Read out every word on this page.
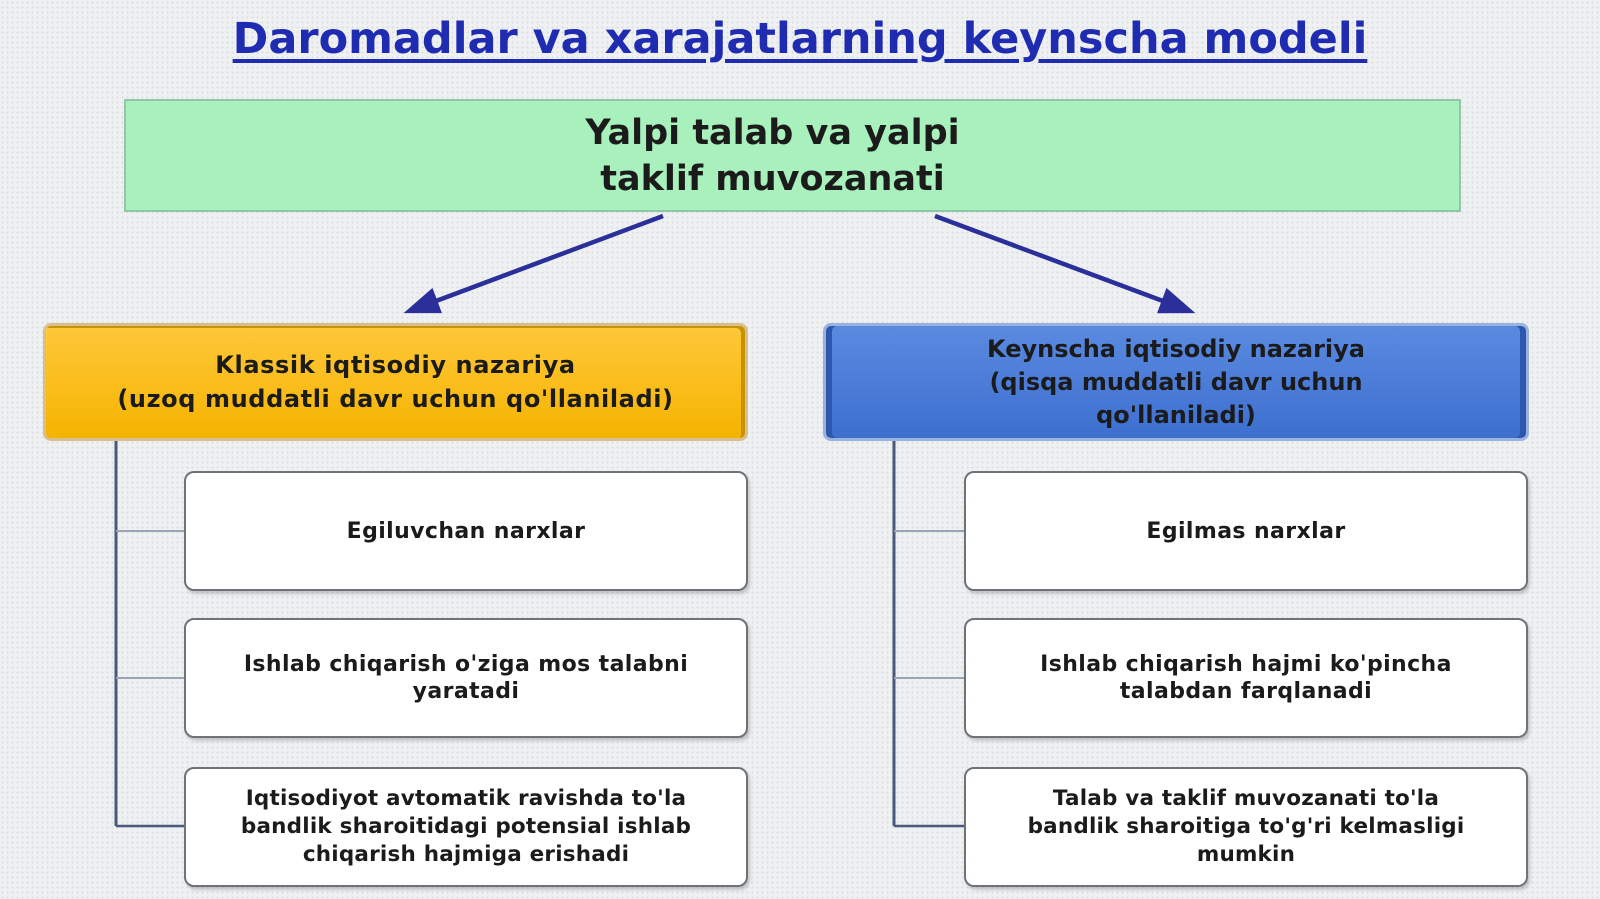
Daromadlar va xarajatlarning keynscha modeli
Yalpi talab va yalpi
taklif muvozanati
Klassik iqtisodiy nazariya
(uzoq muddatli davr uchun qo'llaniladi)
Keynscha iqtisodiy nazariya
(qisqa muddatli davr uchun
qo'llaniladi)
Egiluvchan narxlar
Ishlab chiqarish o'ziga mos talabni
yaratadi
Iqtisodiyot avtomatik ravishda to'la
bandlik sharoitidagi potensial ishlab
chiqarish hajmiga erishadi
Egilmas narxlar
Ishlab chiqarish hajmi ko'pincha
talabdan farqlanadi
Talab va taklif muvozanati to'la
bandlik sharoitiga to'g'ri kelmasligi
mumkin
